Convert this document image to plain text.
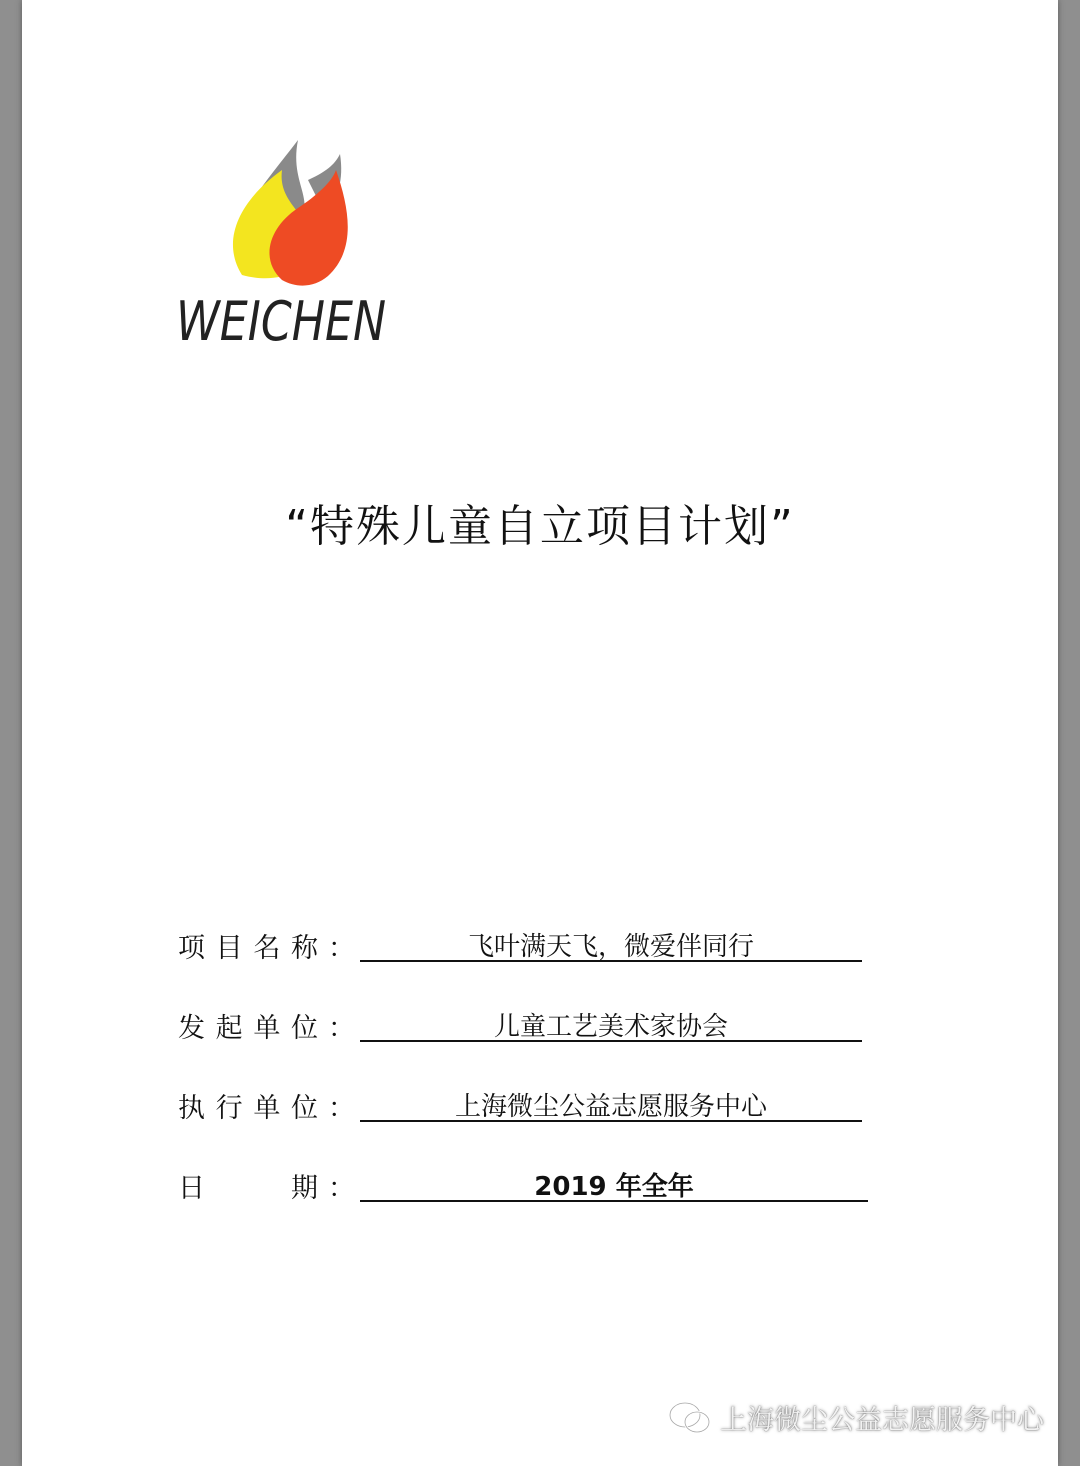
WEICHEN
“特殊儿童自立项目计划”
项 目 名 称 ：	飞叶满天飞，微爱伴同行
发 起 单 位 ：	儿童工艺美术家协会
执 行 单 位 ：	上海微尘公益志愿服务中心
日	期 ：	2019 年全年
上海微尘公益志愿服务中心
